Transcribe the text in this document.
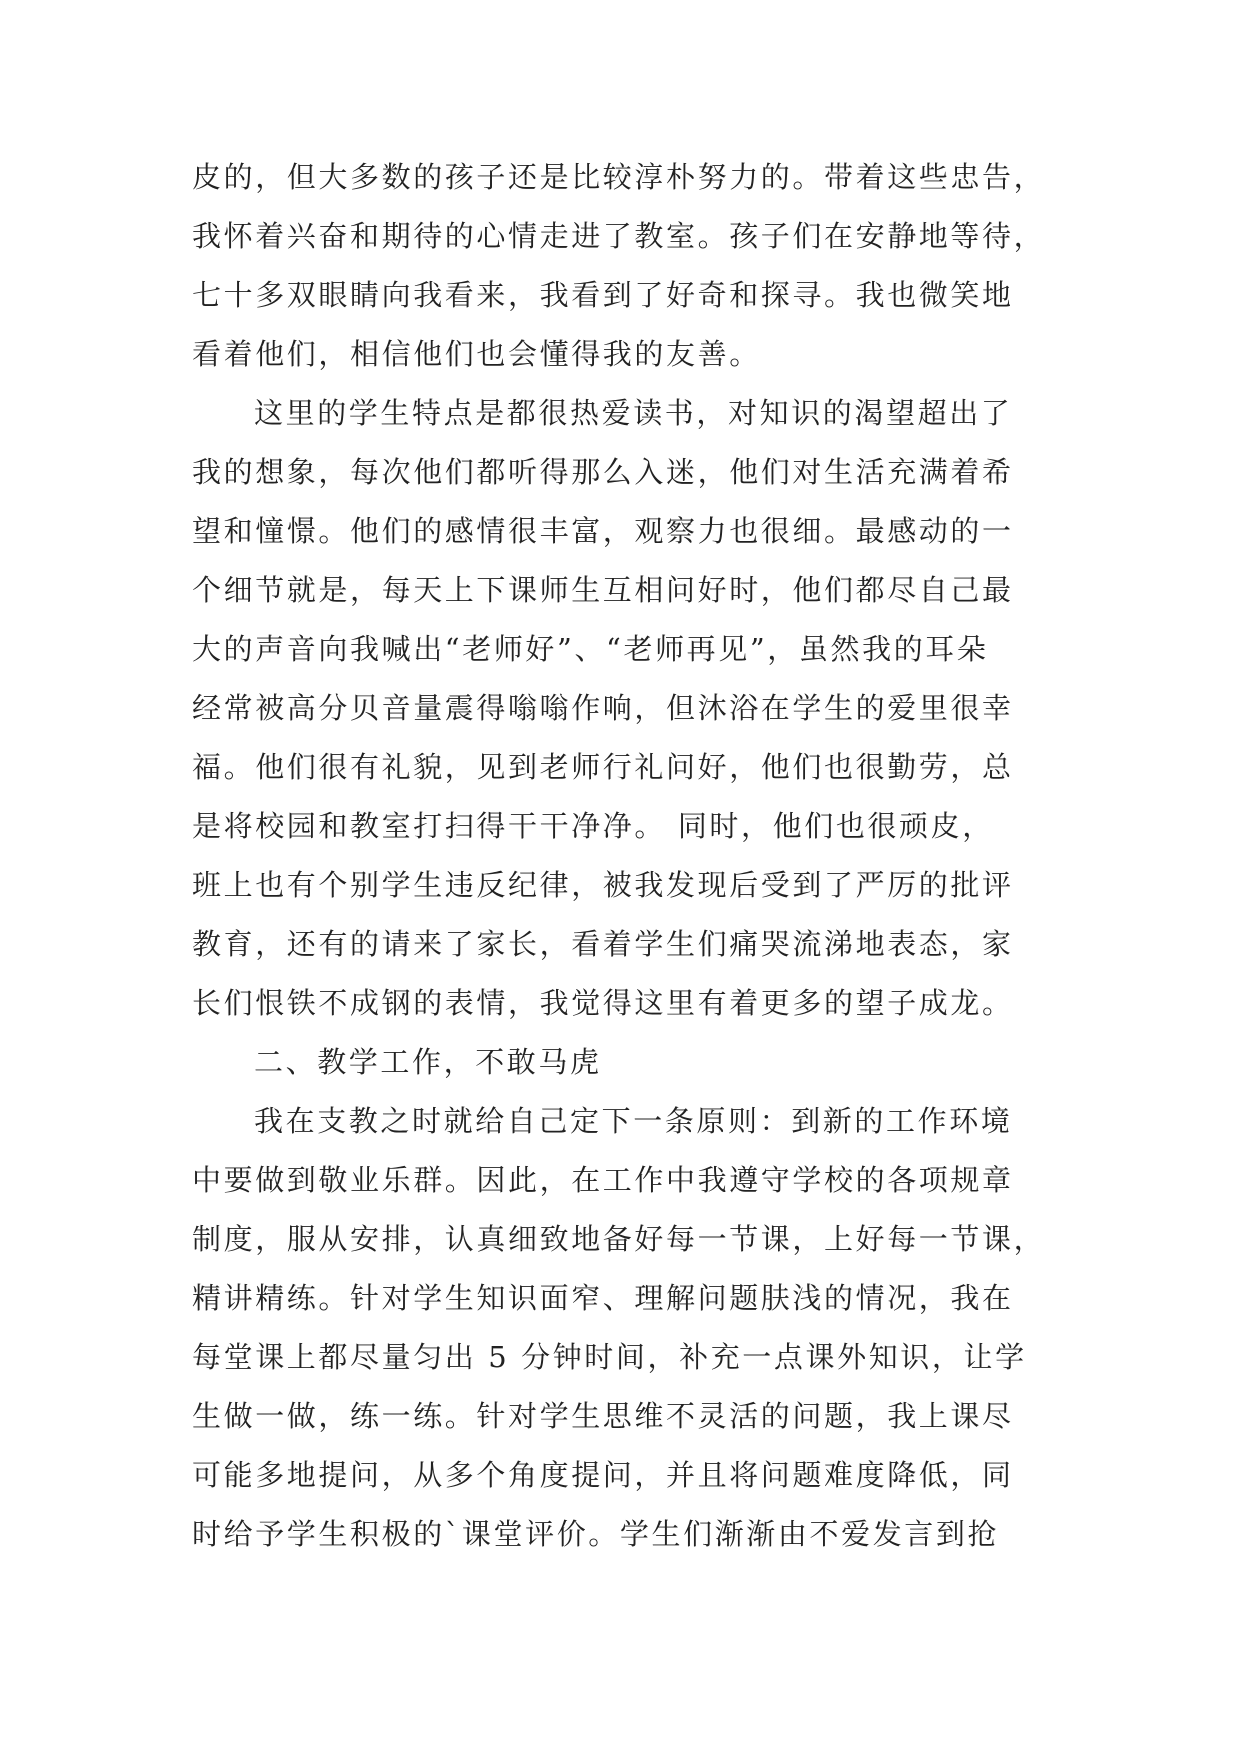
皮的，但大多数的孩子还是比较淳朴努力的。带着这些忠告，
我怀着兴奋和期待的心情走进了教室。孩子们在安静地等待，
七十多双眼睛向我看来，我看到了好奇和探寻。我也微笑地
看着他们，相信他们也会懂得我的友善。
这里的学生特点是都很热爱读书，对知识的渴望超出了
我的想象，每次他们都听得那么入迷，他们对生活充满着希
望和憧憬。他们的感情很丰富，观察力也很细。最感动的一
个细节就是，每天上下课师生互相问好时，他们都尽自己最
大的声音向我喊出“老师好”、“老师再见”，虽然我的耳朵
经常被高分贝音量震得嗡嗡作响，但沐浴在学生的爱里很幸
福。他们很有礼貌，见到老师行礼问好，他们也很勤劳，总
是将校园和教室打扫得干干净净。 同时，他们也很顽皮，
班上也有个别学生违反纪律，被我发现后受到了严厉的批评
教育，还有的请来了家长，看着学生们痛哭流涕地表态，家
长们恨铁不成钢的表情，我觉得这里有着更多的望子成龙。
二、教学工作，不敢马虎
我在支教之时就给自己定下一条原则：到新的工作环境
中要做到敬业乐群。因此，在工作中我遵守学校的各项规章
制度，服从安排，认真细致地备好每一节课，上好每一节课，
精讲精练。针对学生知识面窄、理解问题肤浅的情况，我在
每堂课上都尽量匀出 5 分钟时间，补充一点课外知识，让学
生做一做，练一练。针对学生思维不灵活的问题，我上课尽
可能多地提问，从多个角度提问，并且将问题难度降低，同
时给予学生积极的`课堂评价。学生们渐渐由不爱发言到抢
